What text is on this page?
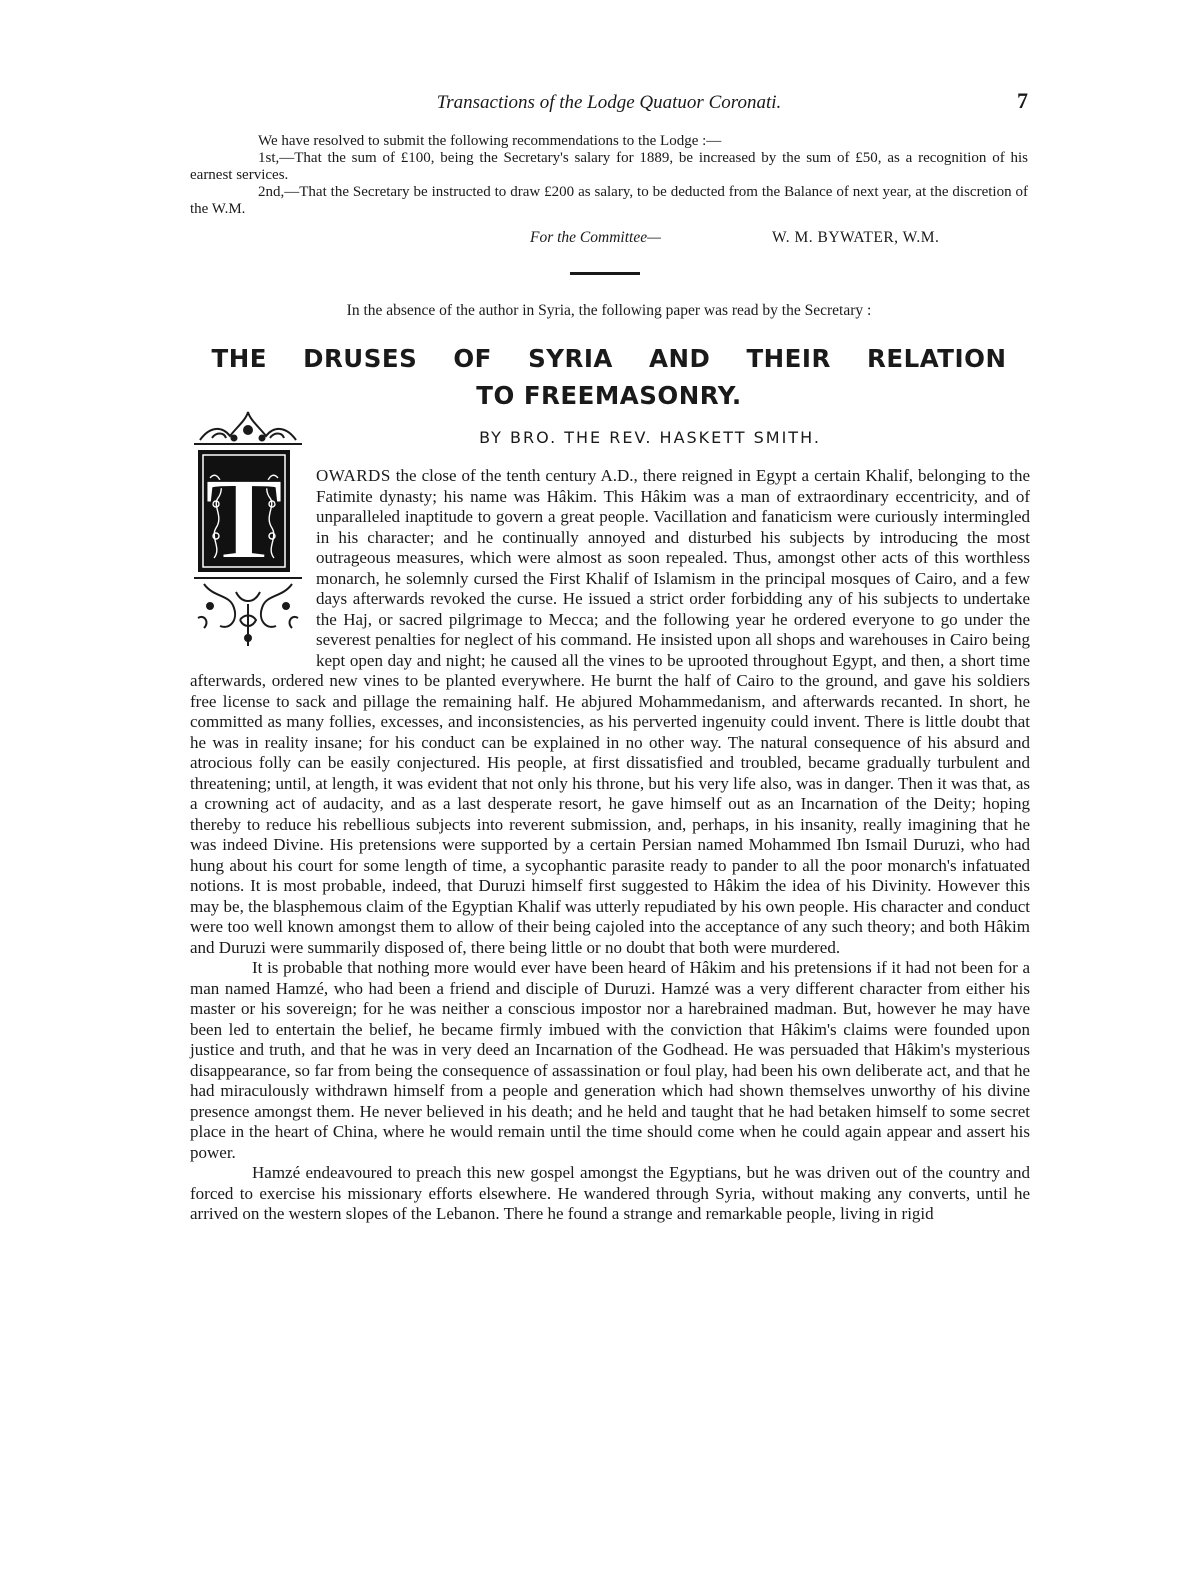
Transactions of the Lodge Quatuor Coronati.	7

We have resolved to submit the following recommendations to the Lodge :—

1st,—That the sum of £100, being the Secretary's salary for 1889, be increased by the sum of £50, as a recognition of his earnest services.

2nd,—That the Secretary be instructed to draw £200 as salary, to be deducted from the Balance of next year, at the discretion of the W.M.

For the Committee—	W. M. BYWATER, W.M.
In the absence of the author in Syria, the following paper was read by the Secretary :
THE DRUSES OF SYRIA AND THEIR RELATION
TO FREEMASONRY.
BY BRO. THE REV. HASKETT SMITH.
T	OWARDS the close of the tenth century A.D., there reigned in Egypt a certain Khalif, belonging to the Fatimite dynasty; his name was Hâkim. This Hâkim was a man of extraordinary eccentricity, and of unparalleled inaptitude to govern a great people. Vacillation and fanaticism were curiously intermingled in his character; and he continually annoyed and disturbed his subjects by introducing the most outrageous measures, which were almost as soon repealed. Thus, amongst other acts of this worthless monarch, he solemnly cursed the First Khalif of Islamism in the principal mosques of Cairo, and a few days afterwards revoked the curse. He issued a strict order forbidding any of his subjects to undertake the Haj, or sacred pilgrimage to Mecca; and the following year he ordered everyone to go under the severest penalties for neglect of his command. He insisted upon all shops and warehouses in Cairo being kept open day and night; he caused all the vines to be uprooted throughout Egypt, and then, a short time afterwards, ordered new vines to be planted everywhere. He burnt the half of Cairo to the ground, and gave his soldiers free license to sack and pillage the remaining half. He abjured Mohammedanism, and afterwards recanted. In short, he committed as many follies, excesses, and inconsistencies, as his perverted ingenuity could invent. There is little doubt that he was in reality insane; for his conduct can be explained in no other way. The natural consequence of his absurd and atrocious folly can be easily conjectured. His people, at first dissatisfied and troubled, became gradually turbulent and threatening; until, at length, it was evident that not only his throne, but his very life also, was in danger. Then it was that, as a crowning act of audacity, and as a last desperate resort, he gave himself out as an Incarnation of the Deity; hoping thereby to reduce his rebellious subjects into reverent submission, and, perhaps, in his insanity, really imagining that he was indeed Divine. His pretensions were supported by a certain Persian named Mohammed Ibn Ismail Duruzi, who had hung about his court for some length of time, a sycophantic parasite ready to pander to all the poor monarch's infatuated notions. It is most probable, indeed, that Duruzi himself first suggested to Hâkim the idea of his Divinity. However this may be, the blasphemous claim of the Egyptian Khalif was utterly repudiated by his own people. His character and conduct were too well known amongst them to allow of their being cajoled into the acceptance of any such theory; and both Hâkim and Duruzi were summarily disposed of, there being little or no doubt that both were murdered.

It is probable that nothing more would ever have been heard of Hâkim and his pretensions if it had not been for a man named Hamzé, who had been a friend and disciple of Duruzi. Hamzé was a very different character from either his master or his sovereign; for he was neither a conscious impostor nor a harebrained madman. But, however he may have been led to entertain the belief, he became firmly imbued with the conviction that Hâkim's claims were founded upon justice and truth, and that he was in very deed an Incarnation of the Godhead. He was persuaded that Hâkim's mysterious disappearance, so far from being the consequence of assassination or foul play, had been his own deliberate act, and that he had miraculously withdrawn himself from a people and generation which had shown themselves unworthy of his divine presence amongst them. He never believed in his death; and he held and taught that he had betaken himself to some secret place in the heart of China, where he would remain until the time should come when he could again appear and assert his power.

Hamzé endeavoured to preach this new gospel amongst the Egyptians, but he was driven out of the country and forced to exercise his missionary efforts elsewhere. He wandered through Syria, without making any converts, until he arrived on the western slopes of the Lebanon. There he found a strange and remarkable people, living in rigid
